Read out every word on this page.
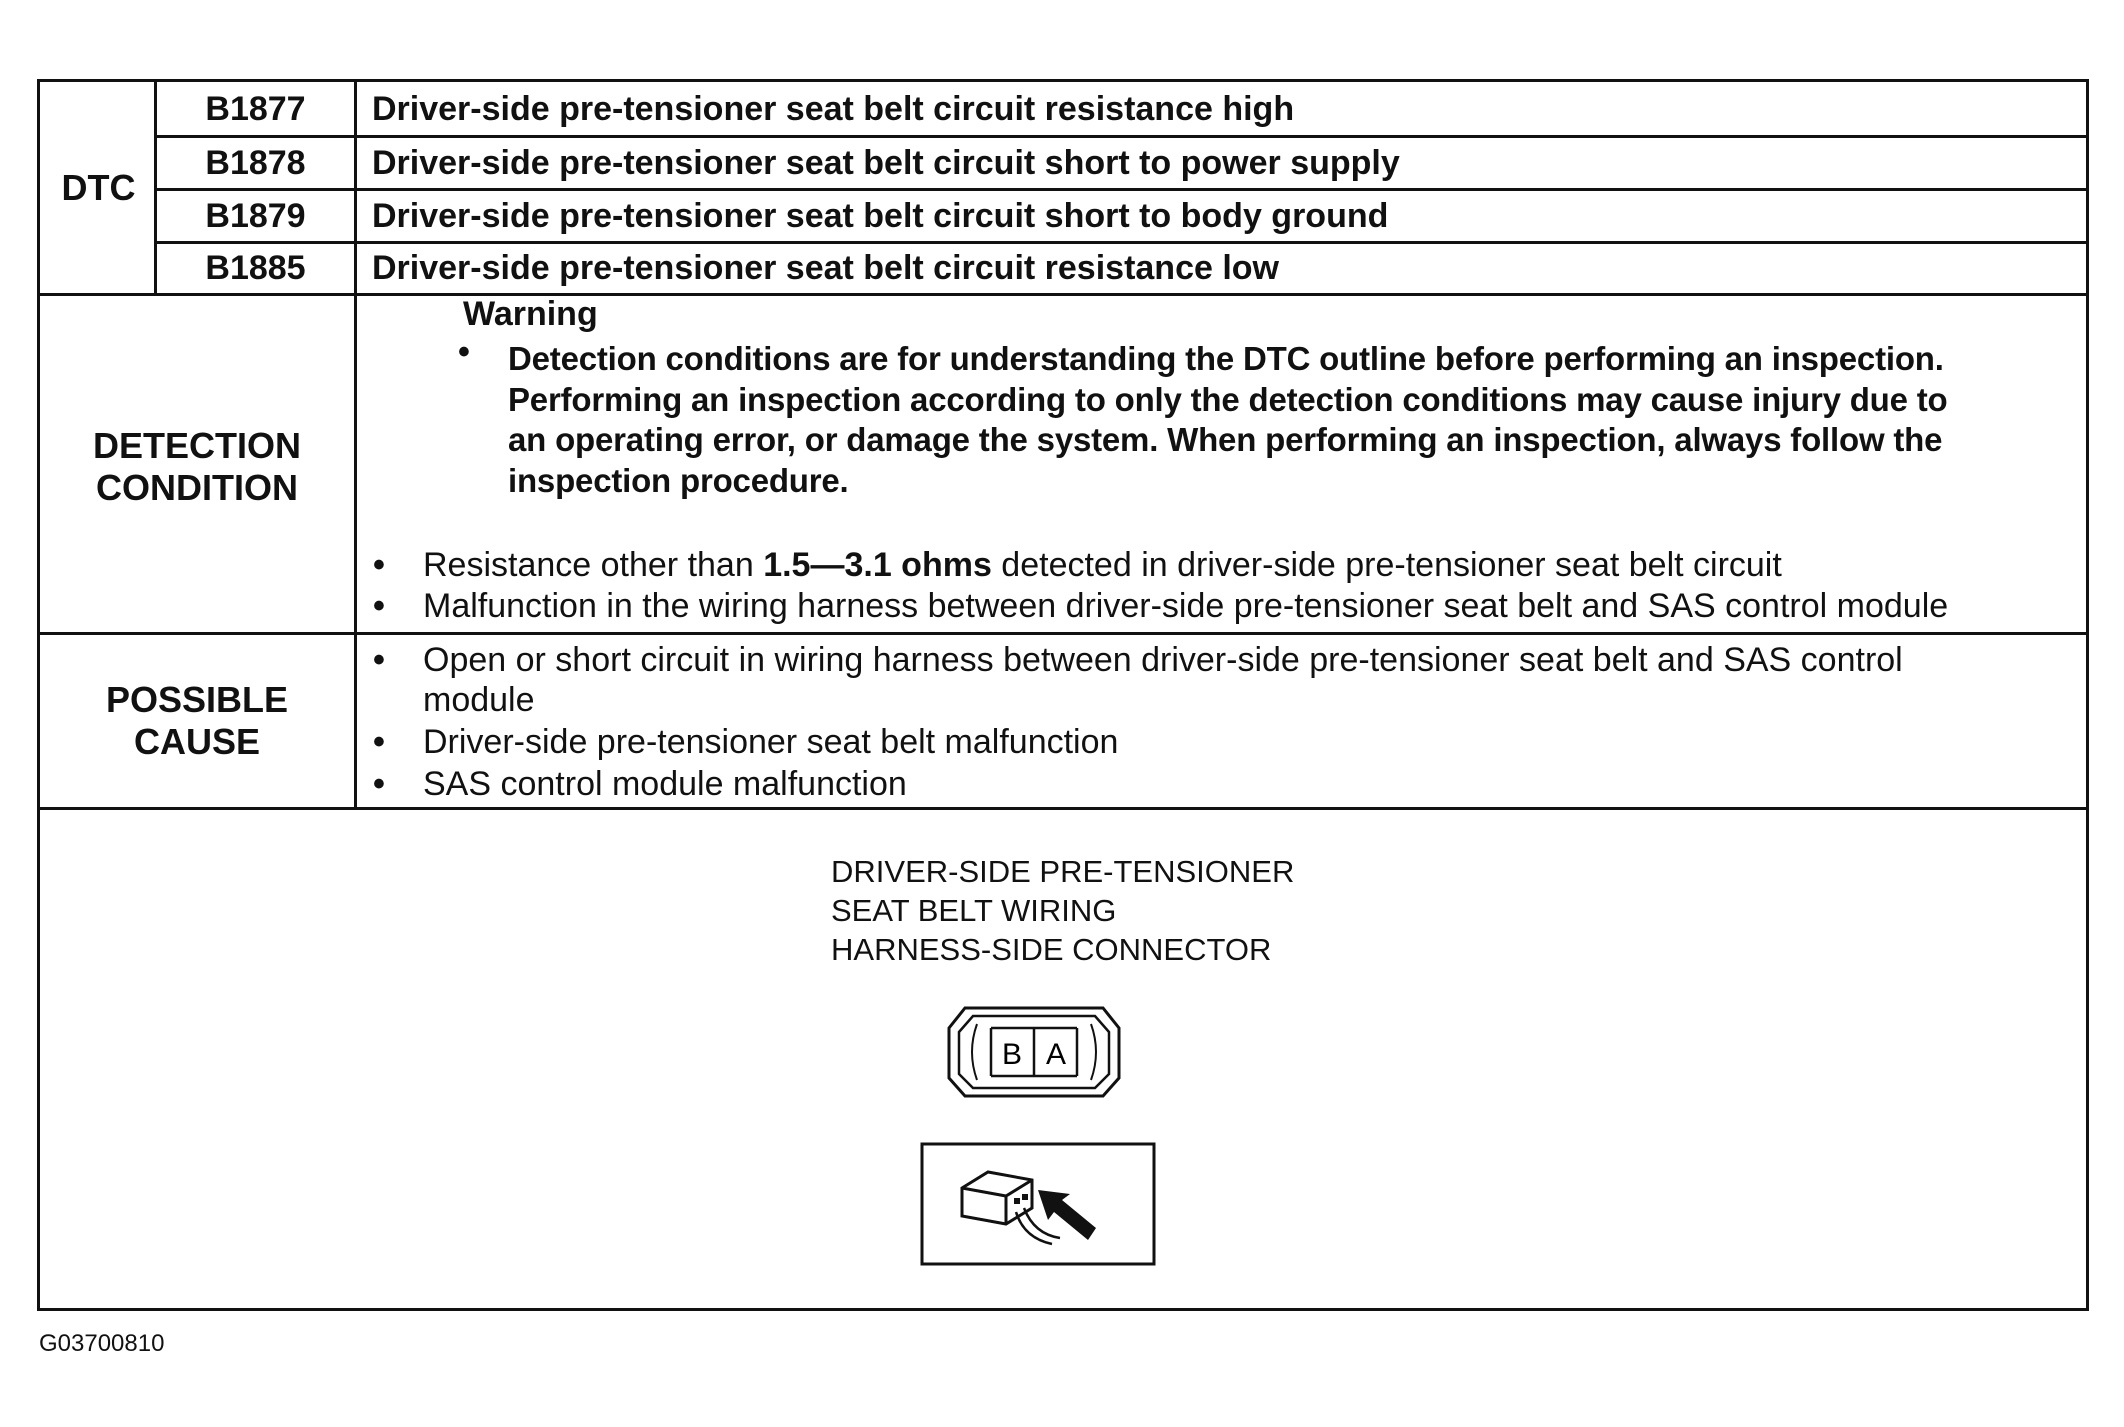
DTC
B1877	Driver-side pre-tensioner seat belt circuit resistance high
B1878	Driver-side pre-tensioner seat belt circuit short to power supply
B1879	Driver-side pre-tensioner seat belt circuit short to body ground
B1885	Driver-side pre-tensioner seat belt circuit resistance low
DETECTION
CONDITION
Warning
• Detection conditions are for understanding the DTC outline before performing an inspection.
Performing an inspection according to only the detection conditions may cause injury due to
an operating error, or damage the system. When performing an inspection, always follow the
inspection procedure.
• Resistance other than 1.5—3.1 ohms detected in driver-side pre-tensioner seat belt circuit
• Malfunction in the wiring harness between driver-side pre-tensioner seat belt and SAS control module
POSSIBLE
CAUSE
• Open or short circuit in wiring harness between driver-side pre-tensioner seat belt and SAS control
module
• Driver-side pre-tensioner seat belt malfunction
• SAS control module malfunction
DRIVER-SIDE PRE-TENSIONER
SEAT BELT WIRING
HARNESS-SIDE CONNECTOR
B A
G03700810
